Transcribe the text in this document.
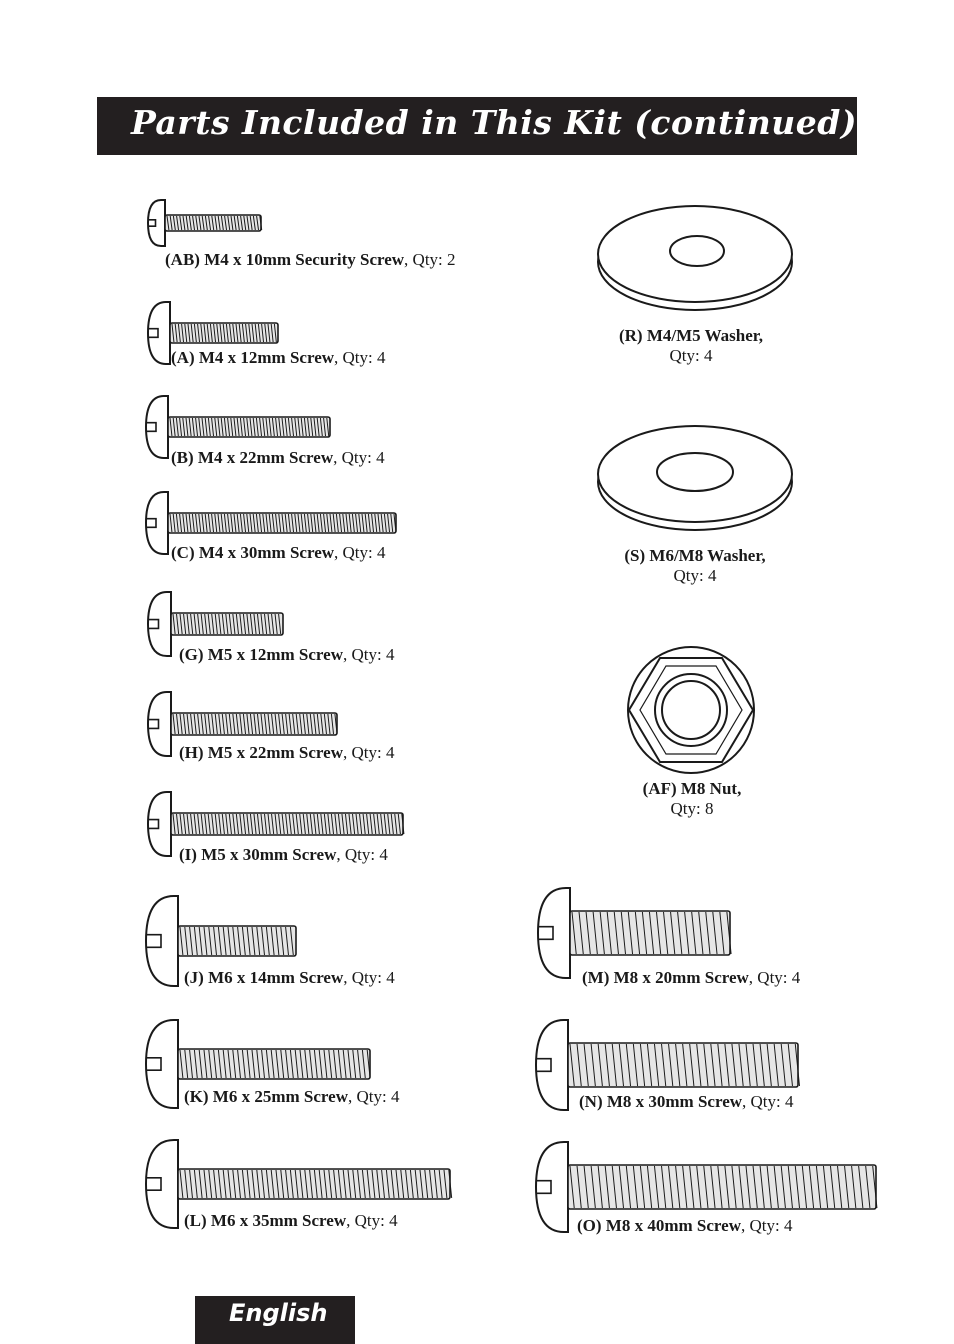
Parts Included in This Kit (continued)
(AB) M4 x 10mm Security Screw, Qty: 2
(A) M4 x 12mm Screw, Qty: 4
(B) M4 x 22mm Screw, Qty: 4
(C) M4 x 30mm Screw, Qty: 4
(G) M5 x 12mm Screw, Qty: 4
(H) M5 x 22mm Screw, Qty: 4
(I) M5 x 30mm Screw, Qty: 4
(J) M6 x 14mm Screw, Qty: 4
(K) M6 x 25mm Screw, Qty: 4
(L) M6 x 35mm Screw, Qty: 4
(M) M8 x 20mm Screw, Qty: 4
(N) M8 x 30mm Screw, Qty: 4
(O) M8 x 40mm Screw, Qty: 4
(R) M4/M5 Washer,
Qty: 4
(S) M6/M8 Washer,
Qty: 4
(AF) M8 Nut,
Qty: 8
English
